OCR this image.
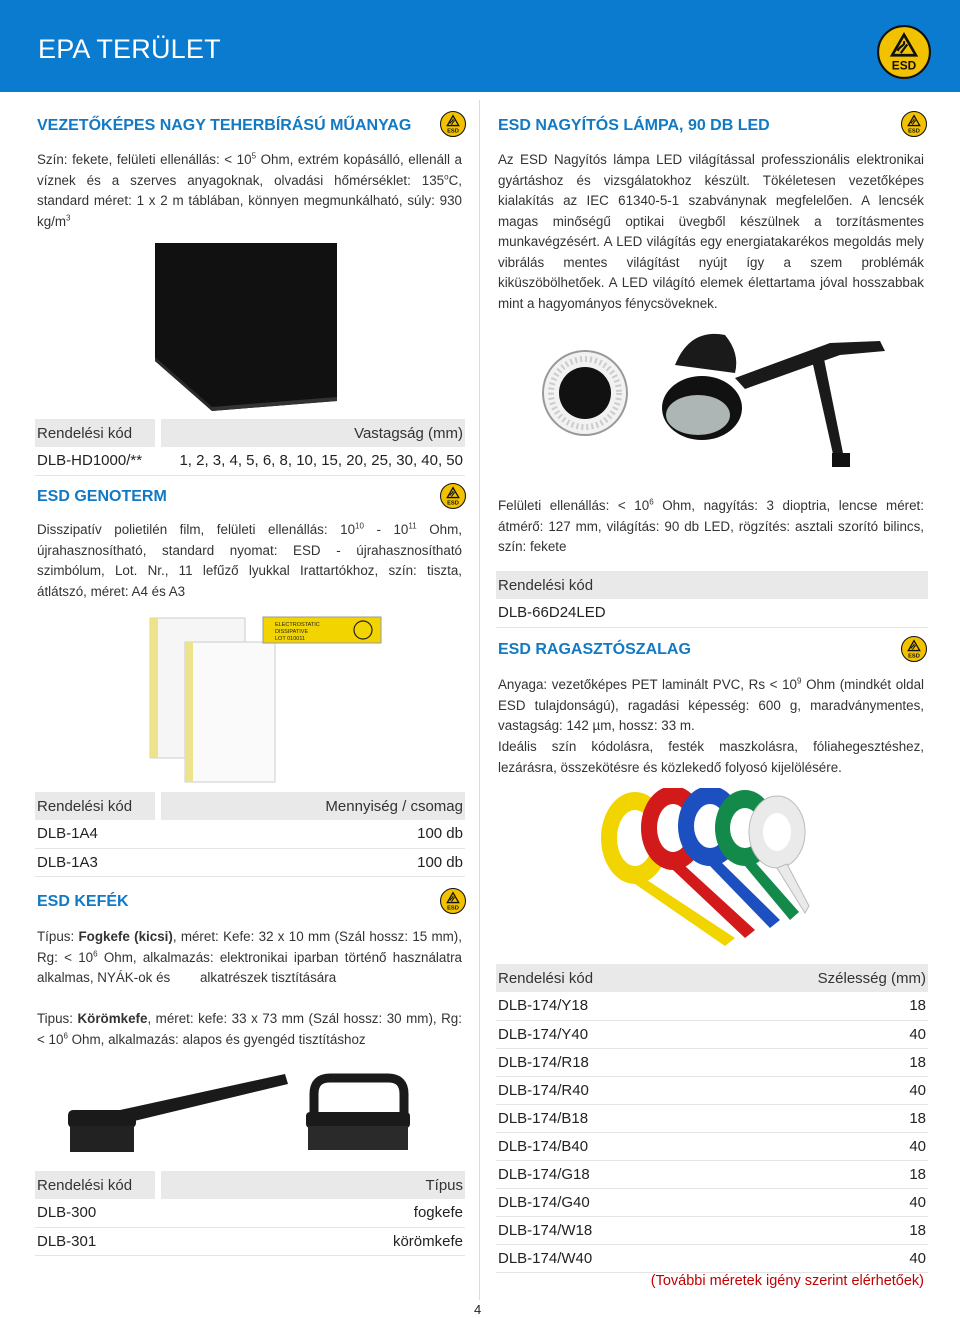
EPA TERÜLET
VEZETŐKÉPES NAGY TEHERBÍRÁSÚ MŰANYAG
Szín: fekete, felületi ellenállás: < $10^5$ Ohm, extrém kopásálló, ellenáll a víznek és a szerves anyagoknak, olvadási hőmérséklet: 135$^o$C, standard méret: 1 x 2 m táblában, könnyen megmunkálható, súly: 930 $kg/m^3$
Rendelési kód		Vastagság (mm)
DLB-HD1000/**		1, 2, 3, 4, 5, 6, 8, 10, 15, 20, 25, 30, 40, 50
ESD GENOTERM
Disszipatív polietilén film, felületi ellenállás: $10^{10} - 10^{11}$ Ohm, újrahasznosítható, standard nyomat: ESD - újrahasznosítható szimbólum, Lot. Nr., 11 lefűző lyukkal Irattartókhoz, szín: tiszta, átlátszó, méret: A4 és A3
ELECTROSTATIC
DISSIPATIVE
LOT 010011
Rendelési kód		Mennyiség / csomag
DLB-1A4		100 db
DLB-1A3		100 db
ESD KEFÉK
Típus: Fogkefe (kicsi), méret: Kefe: 32 x 10 mm (Szál hossz: 15 mm), Rg: < $10^6$ Ohm, alkalmazás: elektronikai iparban történő használatra alkalmas, NYÁK-ok és        alkatrészek tisztítására
Tipus: Körömkefe, méret: kefe: 33 x 73 mm (Szál hossz: 30 mm), Rg: < $10^6$ Ohm, alkalmazás: alapos és gyengéd tisztításhoz
Rendelési kód		Típus
DLB-300		fogkefe
DLB-301		körömkefe
ESD NAGYÍTÓS LÁMPA, 90 DB LED
Az ESD Nagyítós lámpa LED világítással professzionális elektronikai gyártáshoz és vizsgálatokhoz készült. Tökéletesen vezetőképes kialakítás az IEC 61340-5-1 szabványnak megfelelően. A lencsék magas minőségű optikai üvegből készülnek a torzításmentes munkavégzésért. A LED világítás egy energiatakarékos megoldás mely vibrálás mentes világítást nyújt így a szem problémák kiküszöbölhetőek. A LED világító elemek élettartama jóval hosszabbak mint a hagyományos fénycsöveknek.
Felületi ellenállás: < $10^6$ Ohm, nagyítás: 3 dioptria, lencse méret: átmérő: 127 mm, világítás: 90 db LED, rögzítés: asztali szorító bilincs, szín: fekete
Rendelési kód
DLB-66D24LED
ESD RAGASZTÓSZALAG
Anyaga: vezetőképes PET laminált PVC, $Rs < 10^9$ Ohm (mindkét oldal ESD tulajdonságú), ragadási képesség: 600 g, maradványmentes, vastagság: 142 µm, hossz: 33 m.
Ideális szín kódolásra, festék maszkolásra, fóliahegesztéshez, lezárásra, összekötésre és közlekedő folyosó kijelölésére.
Rendelési kód	Szélesség (mm)
DLB-174/Y18	18
DLB-174/Y40	40
DLB-174/R18	18
DLB-174/R40	40
DLB-174/B18	18
DLB-174/B40	40
DLB-174/G18	18
DLB-174/G40	40
DLB-174/W18	18
DLB-174/W40	40
(További méretek igény szerint elérhetőek)
4
